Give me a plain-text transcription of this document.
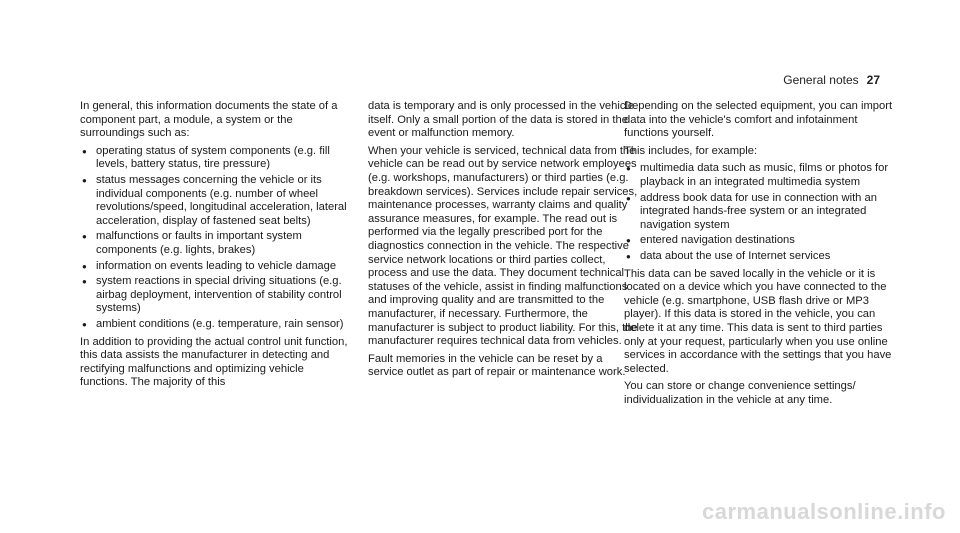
General notes 27

In general, this information documents the state of a component part, a module, a system or the surroundings such as:

● operating status of system components (e.g. fill levels, battery status, tire pressure)
● status messages concerning the vehicle or its individual components (e.g. number of wheel revolutions/speed, longitudinal acceleration, lateral acceleration, display of fastened seat belts)
● malfunctions or faults in important system components (e.g. lights, brakes)
● information on events leading to vehicle damage
● system reactions in special driving situations (e.g. airbag deployment, intervention of stability control systems)
● ambient conditions (e.g. temperature, rain sensor)

In addition to providing the actual control unit function, this data assists the manufacturer in detecting and rectifying malfunctions and optimizing vehicle functions. The majority of this

data is temporary and is only processed in the vehicle itself. Only a small portion of the data is stored in the event or malfunction memory.

When your vehicle is serviced, technical data from the vehicle can be read out by service network employees (e.g. workshops, manufacturers) or third parties (e.g. breakdown services). Services include repair services, maintenance processes, warranty claims and quality assurance measures, for example. The read out is performed via the legally prescribed port for the diagnostics connection in the vehicle. The respective service network locations or third parties collect, process and use the data. They document technical statuses of the vehicle, assist in finding malfunctions and improving quality and are transmitted to the manufacturer, if necessary. Furthermore, the manufacturer is subject to product liability. For this, the manufacturer requires technical data from vehicles.

Fault memories in the vehicle can be reset by a service outlet as part of repair or maintenance work.

Depending on the selected equipment, you can import data into the vehicle's comfort and infotainment functions yourself.

This includes, for example:

● multimedia data such as music, films or photos for playback in an integrated multimedia system
● address book data for use in connection with an integrated hands-free system or an integrated navigation system
● entered navigation destinations
● data about the use of Internet services

This data can be saved locally in the vehicle or it is located on a device which you have connected to the vehicle (e.g. smartphone, USB flash drive or MP3 player). If this data is stored in the vehicle, you can delete it at any time. This data is sent to third parties only at your request, particularly when you use online services in accordance with the settings that you have selected.

You can store or change convenience settings/ individualization in the vehicle at any time.

carmanualsonline.info
